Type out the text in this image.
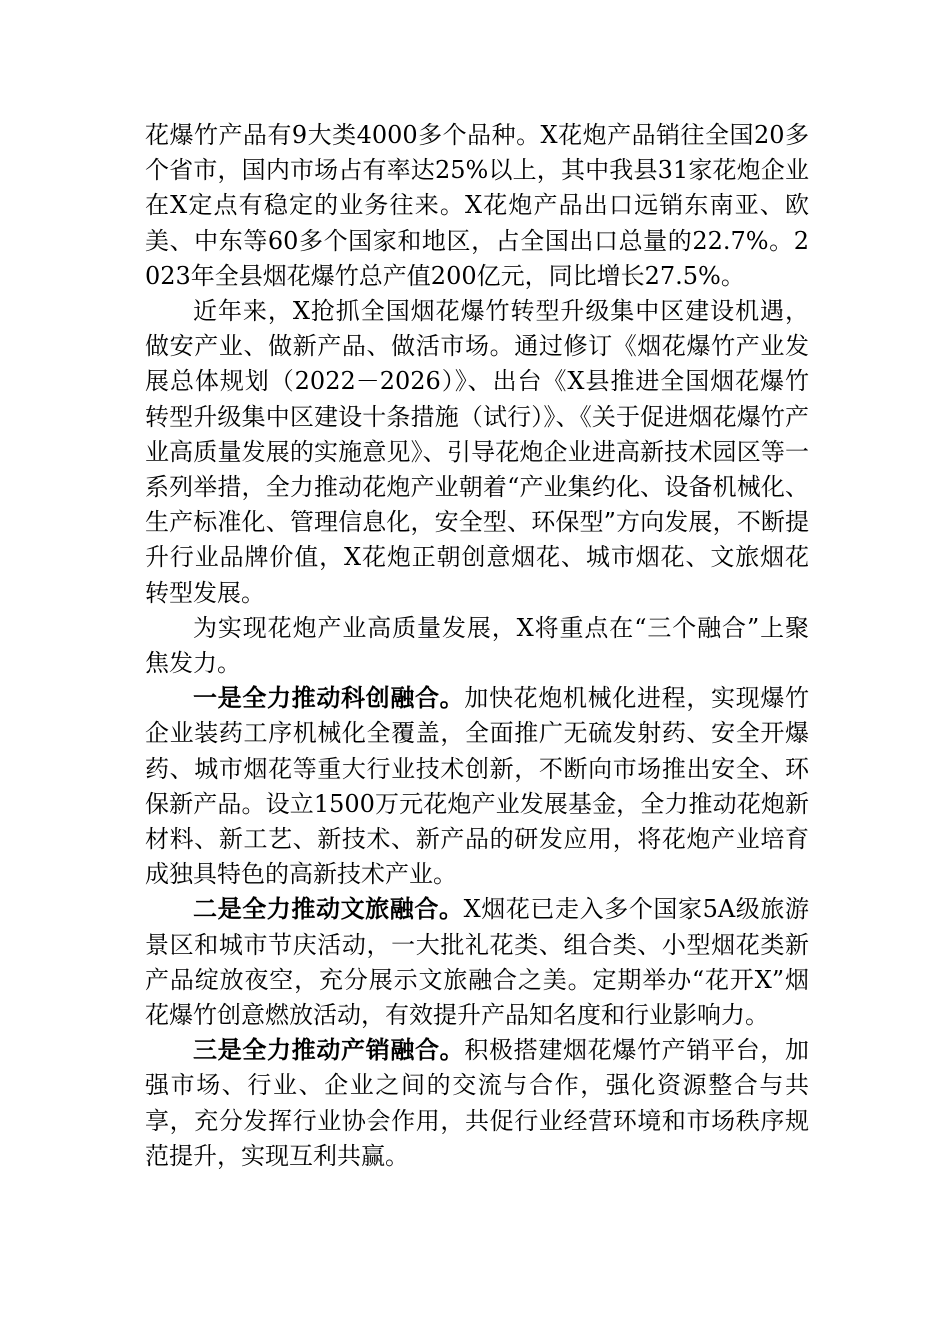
花爆竹产品有9大类4000多个品种。X花炮产品销往全国20多个省市，国内市场占有率达25%以上，其中我县31家花炮企业在X定点有稳定的业务往来。X花炮产品出口远销东南亚、欧美、中东等60多个国家和地区，占全国出口总量的22.7%。2023年全县烟花爆竹总产值200亿元，同比增长27.5%。

近年来，X抢抓全国烟花爆竹转型升级集中区建设机遇，做安产业、做新产品、做活市场。通过修订《烟花爆竹产业发展总体规划（2022－2026）》、出台《X县推进全国烟花爆竹转型升级集中区建设十条措施（试行）》、《关于促进烟花爆竹产业高质量发展的实施意见》、引导花炮企业进高新技术园区等一系列举措，全力推动花炮产业朝着“产业集约化、设备机械化、生产标准化、管理信息化，安全型、环保型”方向发展，不断提升行业品牌价值，X花炮正朝创意烟花、城市烟花、文旅烟花转型发展。

为实现花炮产业高质量发展，X将重点在“三个融合”上聚焦发力。

一是全力推动科创融合。加快花炮机械化进程，实现爆竹企业装药工序机械化全覆盖，全面推广无硫发射药、安全开爆药、城市烟花等重大行业技术创新，不断向市场推出安全、环保新产品。设立1500万元花炮产业发展基金，全力推动花炮新材料、新工艺、新技术、新产品的研发应用，将花炮产业培育成独具特色的高新技术产业。

二是全力推动文旅融合。X烟花已走入多个国家5A级旅游景区和城市节庆活动，一大批礼花类、组合类、小型烟花类新产品绽放夜空，充分展示文旅融合之美。定期举办“花开X”烟花爆竹创意燃放活动，有效提升产品知名度和行业影响力。

三是全力推动产销融合。积极搭建烟花爆竹产销平台，加强市场、行业、企业之间的交流与合作，强化资源整合与共享，充分发挥行业协会作用，共促行业经营环境和市场秩序规范提升，实现互利共赢。
